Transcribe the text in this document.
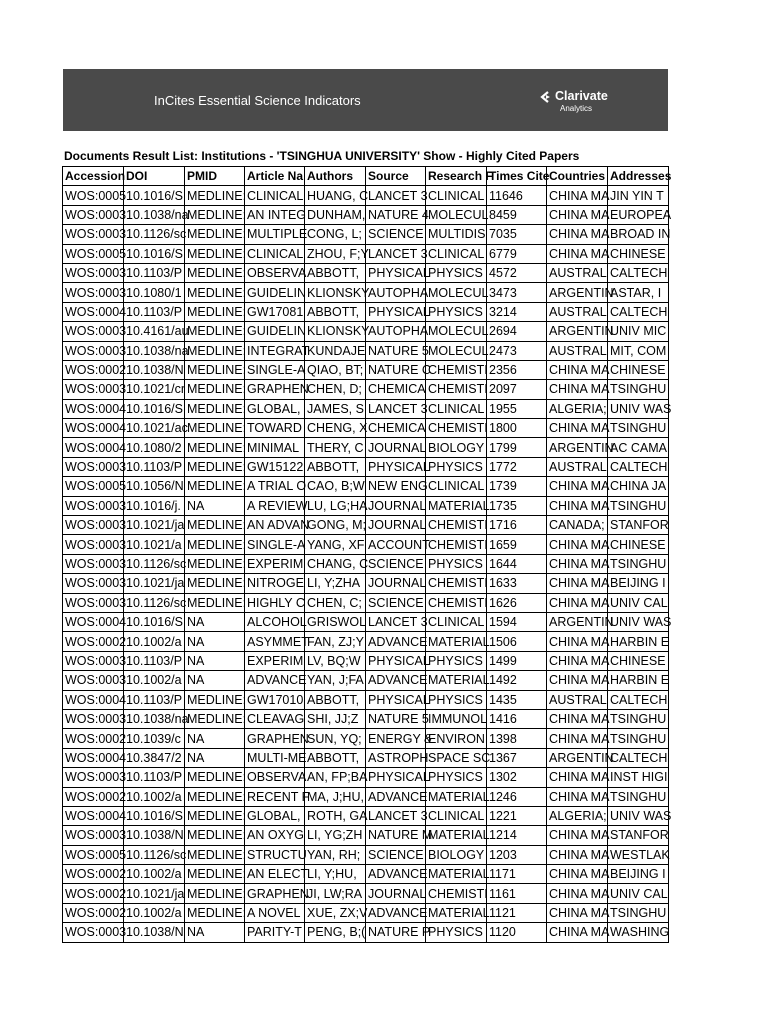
InCites Essential Science Indicators	Clarivate
Analytics
Documents Result List: Institutions - 'TSINGHUA UNIVERSITY' Show - Highly Cited Papers
Accession	DOI	PMID	Article Na	Authors	Source	Research F	Times Cite	Countries	Addresses
WOS:0005	10.1016/S	MEDLINE:	CLINICAL	HUANG, C	LANCET 3	CLINICAL	11646	CHINA MA	JIN YIN T
WOS:0003	10.1038/na	MEDLINE:	AN INTEG	DUNHAM,	NATURE 4	MOLECUL	8459	CHINA MA	EUROPEA
WOS:0003	10.1126/sc	MEDLINE:	MULTIPLE	CONG, L;	SCIENCE	MULTIDIS	7035	CHINA MA	BROAD IN
WOS:0005	10.1016/S	MEDLINE:	CLINICAL	ZHOU, F;Y	LANCET 3	CLINICAL	6779	CHINA MA	CHINESE
WOS:0003	10.1103/P	MEDLINE:	OBSERVA	ABBOTT,	PHYSICAL	PHYSICS	4572	AUSTRAL	CALTECH
WOS:0003	10.1080/1	MEDLINE:	GUIDELIN	KLIONSKY	AUTOPHA	MOLECUL	3473	ARGENTIN	ASTAR, I
WOS:0004	10.1103/P	MEDLINE:	GW17081	ABBOTT,	PHYSICAL	PHYSICS	3214	AUSTRAL	CALTECH
WOS:0003	10.4161/au	MEDLINE:	GUIDELIN	KLIONSKY	AUTOPHA	MOLECUL	2694	ARGENTIN	UNIV MIC
WOS:0003	10.1038/na	MEDLINE:	INTEGRAT	KUNDAJE	NATURE 5	MOLECUL	2473	AUSTRAL	MIT, COM
WOS:0002	10.1038/N	MEDLINE:	SINGLE-A	QIAO, BT;	NATURE C	CHEMISTI	2356	CHINA MA	CHINESE
WOS:0003	10.1021/cr	MEDLINE:	GRAPHEN	CHEN, D;	CHEMICA	CHEMISTI	2097	CHINA MA	TSINGHU
WOS:0004	10.1016/S	MEDLINE:	GLOBAL,	JAMES, S	LANCET 3	CLINICAL	1955	ALGERIA;	UNIV WAS
WOS:0004	10.1021/ac	MEDLINE:	TOWARD	CHENG, X	CHEMICA	CHEMISTI	1800	CHINA MA	TSINGHU
WOS:0004	10.1080/2	MEDLINE:	MINIMAL	THERY, C	JOURNAL	BIOLOGY	1799	ARGENTIN	AC CAMA
WOS:0003	10.1103/P	MEDLINE:	GW15122	ABBOTT,	PHYSICAL	PHYSICS	1772	AUSTRAL	CALTECH
WOS:0005	10.1056/N	MEDLINE:	A TRIAL O	CAO, B;W	NEW ENG	CLINICAL	1739	CHINA MA	CHINA JA
WOS:0003	10.1016/j.	NA	A REVIEW	LU, LG;HA	JOURNAL	MATERIAL	1735	CHINA MA	TSINGHU
WOS:0003	10.1021/ja	MEDLINE:	AN ADVAN	GONG, M;	JOURNAL	CHEMISTI	1716	CANADA;	STANFOR
WOS:0003	10.1021/a	MEDLINE:	SINGLE-A	YANG, XF	ACCOUNT	CHEMISTI	1659	CHINA MA	CHINESE
WOS:0003	10.1126/sc	MEDLINE:	EXPERIM	CHANG, C	SCIENCE	PHYSICS	1644	CHINA MA	TSINGHU
WOS:0003	10.1021/ja	MEDLINE:	NITROGE	LI, Y;ZHA	JOURNAL	CHEMISTI	1633	CHINA MA	BEIJING I
WOS:0003	10.1126/sc	MEDLINE:	HIGHLY C	CHEN, C;	SCIENCE	CHEMISTI	1626	CHINA MA	UNIV CAL
WOS:0004	10.1016/S	NA	ALCOHOL	GRISWOL	LANCET 3	CLINICAL	1594	ARGENTIN	UNIV WAS
WOS:0002	10.1002/a	NA	ASYMMET	FAN, ZJ;Y	ADVANCE	MATERIAL	1506	CHINA MA	HARBIN E
WOS:0003	10.1103/P	NA	EXPERIM	LV, BQ;W	PHYSICAL	PHYSICS	1499	CHINA MA	CHINESE
WOS:0003	10.1002/a	NA	ADVANCE	YAN, J;FA	ADVANCE	MATERIAL	1492	CHINA MA	HARBIN E
WOS:0004	10.1103/P	MEDLINE:	GW17010	ABBOTT,	PHYSICAL	PHYSICS	1435	AUSTRAL	CALTECH
WOS:0003	10.1038/na	MEDLINE:	CLEAVAG	SHI, JJ;Z	NATURE 5	IMMUNOL	1416	CHINA MA	TSINGHU
WOS:0002	10.1039/c	NA	GRAPHEN	SUN, YQ;	ENERGY &	ENVIRON	1398	CHINA MA	TSINGHU
WOS:0004	10.3847/2	NA	MULTI-ME	ABBOTT,	ASTROPH	SPACE SC	1367	ARGENTIN	CALTECH
WOS:0003	10.1103/P	MEDLINE:	OBSERVA	AN, FP;BA	PHYSICAL	PHYSICS	1302	CHINA MA	INST HIGI
WOS:0002	10.1002/a	MEDLINE:	RECENT F	MA, J;HU,	ADVANCE	MATERIAL	1246	CHINA MA	TSINGHU
WOS:0004	10.1016/S	MEDLINE:	GLOBAL,	ROTH, GA	LANCET 3	CLINICAL	1221	ALGERIA;	UNIV WAS
WOS:0003	10.1038/N	MEDLINE:	AN OXYG	LI, YG;ZH	NATURE M	MATERIAL	1214	CHINA MA	STANFOR
WOS:0005	10.1126/sc	MEDLINE:	STRUCTU	YAN, RH;	SCIENCE	BIOLOGY	1203	CHINA MA	WESTLAK
WOS:0002	10.1002/a	MEDLINE:	AN ELECT	LI, Y;HU,	ADVANCE	MATERIAL	1171	CHINA MA	BEIJING I
WOS:0002	10.1021/ja	MEDLINE:	GRAPHEN	JI, LW;RA	JOURNAL	CHEMISTI	1161	CHINA MA	UNIV CAL
WOS:0002	10.1002/a	MEDLINE:	A NOVEL	XUE, ZX;V	ADVANCE	MATERIAL	1121	CHINA MA	TSINGHU
WOS:0003	10.1038/N	NA	PARITY-T	PENG, B;(	NATURE P	PHYSICS	1120	CHINA MA	WASHING
